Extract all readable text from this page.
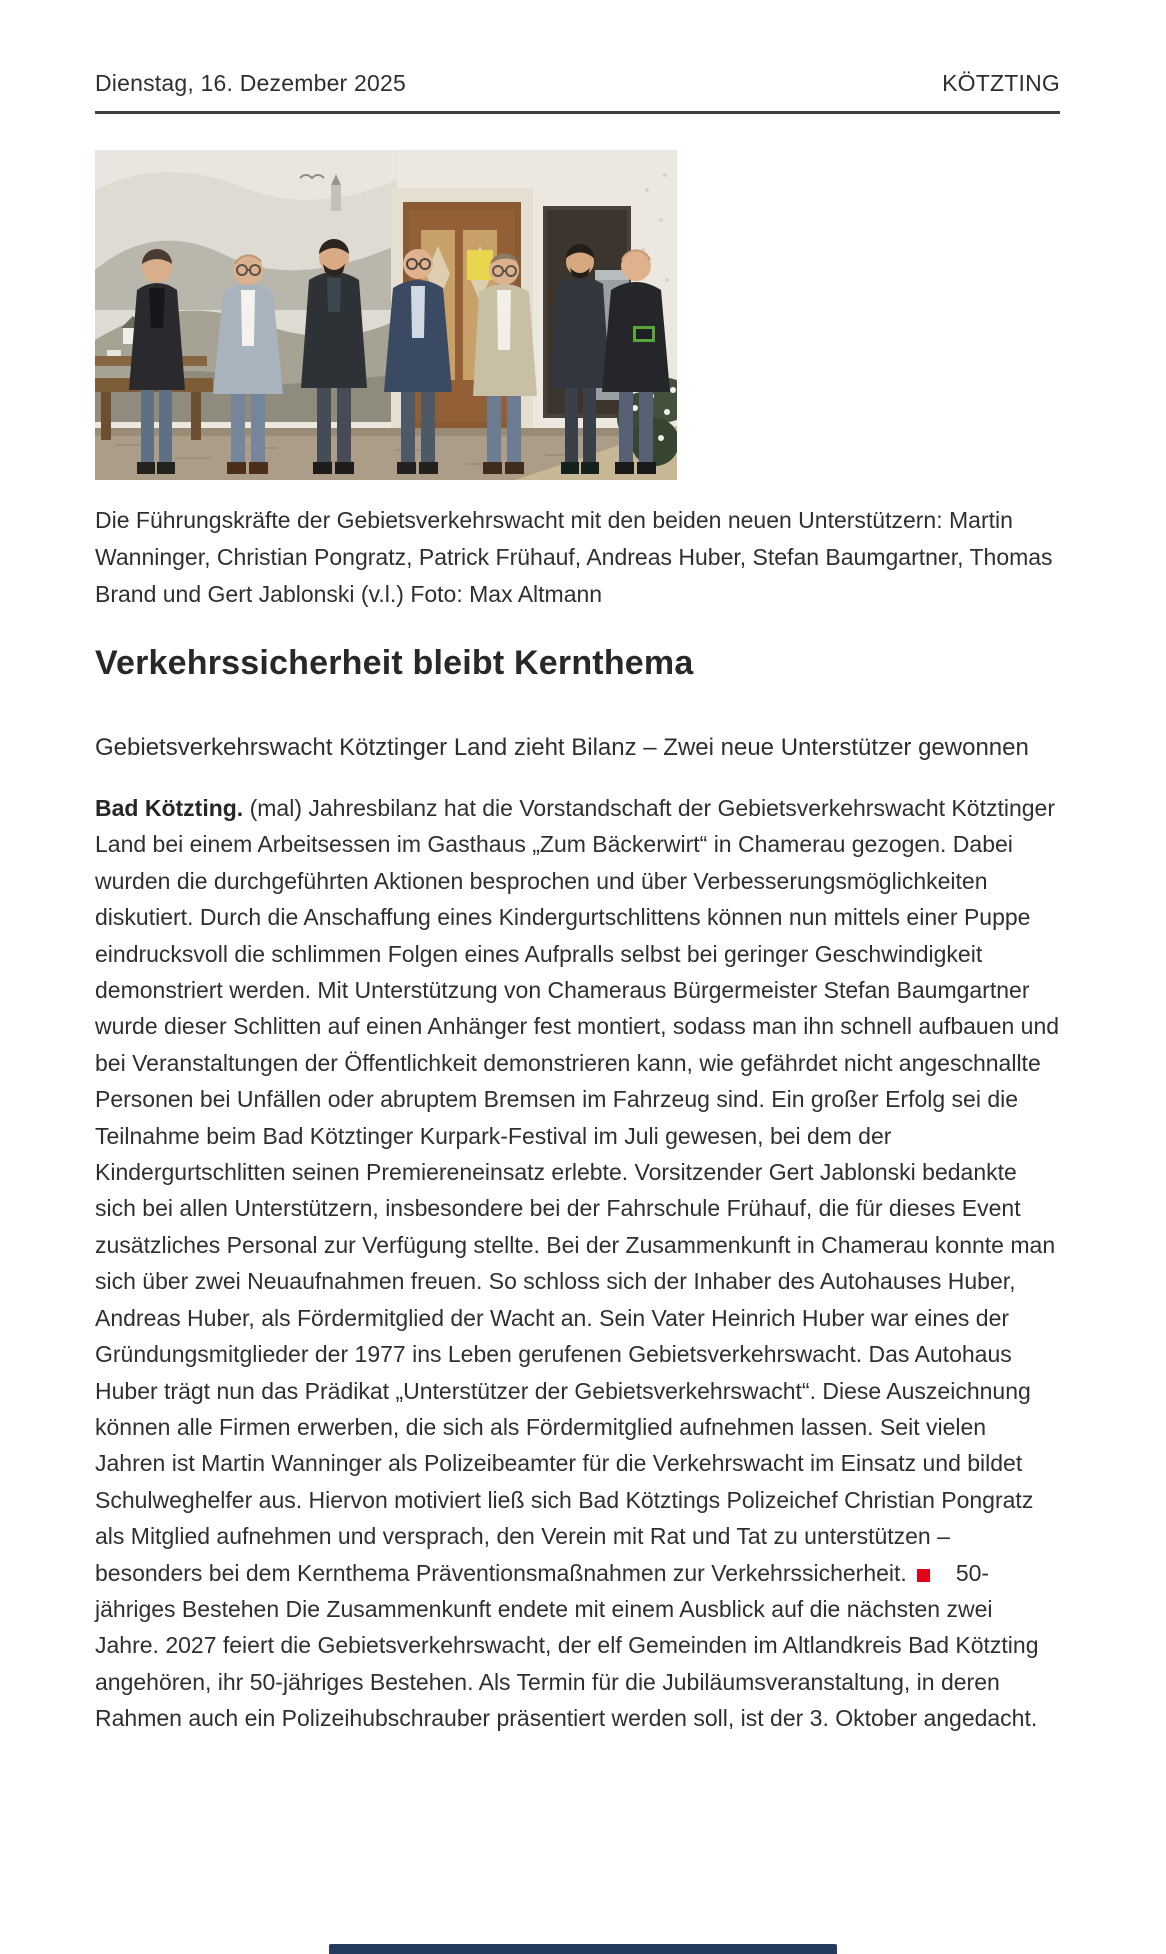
Dienstag, 16. Dezember 2025	KÖTZTING

Die Führungskräfte der Gebietsverkehrswacht mit den beiden neuen Unterstützern: Martin Wanninger, Christian Pongratz, Patrick Frühauf, Andreas Huber, Stefan Baumgartner, Thomas Brand und Gert Jablonski (v.l.) Foto: Max Altmann

Verkehrssicherheit bleibt Kernthema

Gebietsverkehrswacht Kötztinger Land zieht Bilanz – Zwei neue Unterstützer gewonnen

Bad Kötzting. (mal) Jahresbilanz hat die Vorstandschaft der Gebietsverkehrswacht Kötztinger Land bei einem Arbeitsessen im Gasthaus „Zum Bäckerwirt“ in Chamerau gezogen. Dabei wurden die durchgeführten Aktionen besprochen und über Verbesserungsmöglichkeiten diskutiert. Durch die Anschaffung eines Kindergurtschlittens können nun mittels einer Puppe eindrucksvoll die schlimmen Folgen eines Aufpralls selbst bei geringer Geschwindigkeit demonstriert werden. Mit Unterstützung von Chameraus Bürgermeister Stefan Baumgartner wurde dieser Schlitten auf einen Anhänger fest montiert, sodass man ihn schnell aufbauen und bei Veranstaltungen der Öffentlichkeit demonstrieren kann, wie gefährdet nicht angeschnallte Personen bei Unfällen oder abruptem Bremsen im Fahrzeug sind. Ein großer Erfolg sei die Teilnahme beim Bad Kötztinger Kurpark-Festival im Juli gewesen, bei dem der Kindergurtschlitten seinen Premiereneinsatz erlebte. Vorsitzender Gert Jablonski bedankte sich bei allen Unterstützern, insbesondere bei der Fahrschule Frühauf, die für dieses Event zusätzliches Personal zur Verfügung stellte. Bei der Zusammenkunft in Chamerau konnte man sich über zwei Neuaufnahmen freuen. So schloss sich der Inhaber des Autohauses Huber, Andreas Huber, als Fördermitglied der Wacht an. Sein Vater Heinrich Huber war eines der Gründungsmitglieder der 1977 ins Leben gerufenen Gebietsverkehrswacht. Das Autohaus Huber trägt nun das Prädikat „Unterstützer der Gebietsverkehrswacht“. Diese Auszeichnung können alle Firmen erwerben, die sich als Fördermitglied aufnehmen lassen. Seit vielen Jahren ist Martin Wanninger als Polizeibeamter für die Verkehrswacht im Einsatz und bildet Schulweghelfer aus. Hiervon motiviert ließ sich Bad Kötztings Polizeichef Christian Pongratz als Mitglied aufnehmen und versprach, den Verein mit Rat und Tat zu unterstützen – besonders bei dem Kernthema Präventionsmaßnahmen zur Verkehrssicherheit. 50-jähriges Bestehen Die Zusammenkunft endete mit einem Ausblick auf die nächsten zwei Jahre. 2027 feiert die Gebietsverkehrswacht, der elf Gemeinden im Altlandkreis Bad Kötzting angehören, ihr 50-jähriges Bestehen. Als Termin für die Jubiläumsveranstaltung, in deren Rahmen auch ein Polizeihubschrauber präsentiert werden soll, ist der 3. Oktober angedacht.
